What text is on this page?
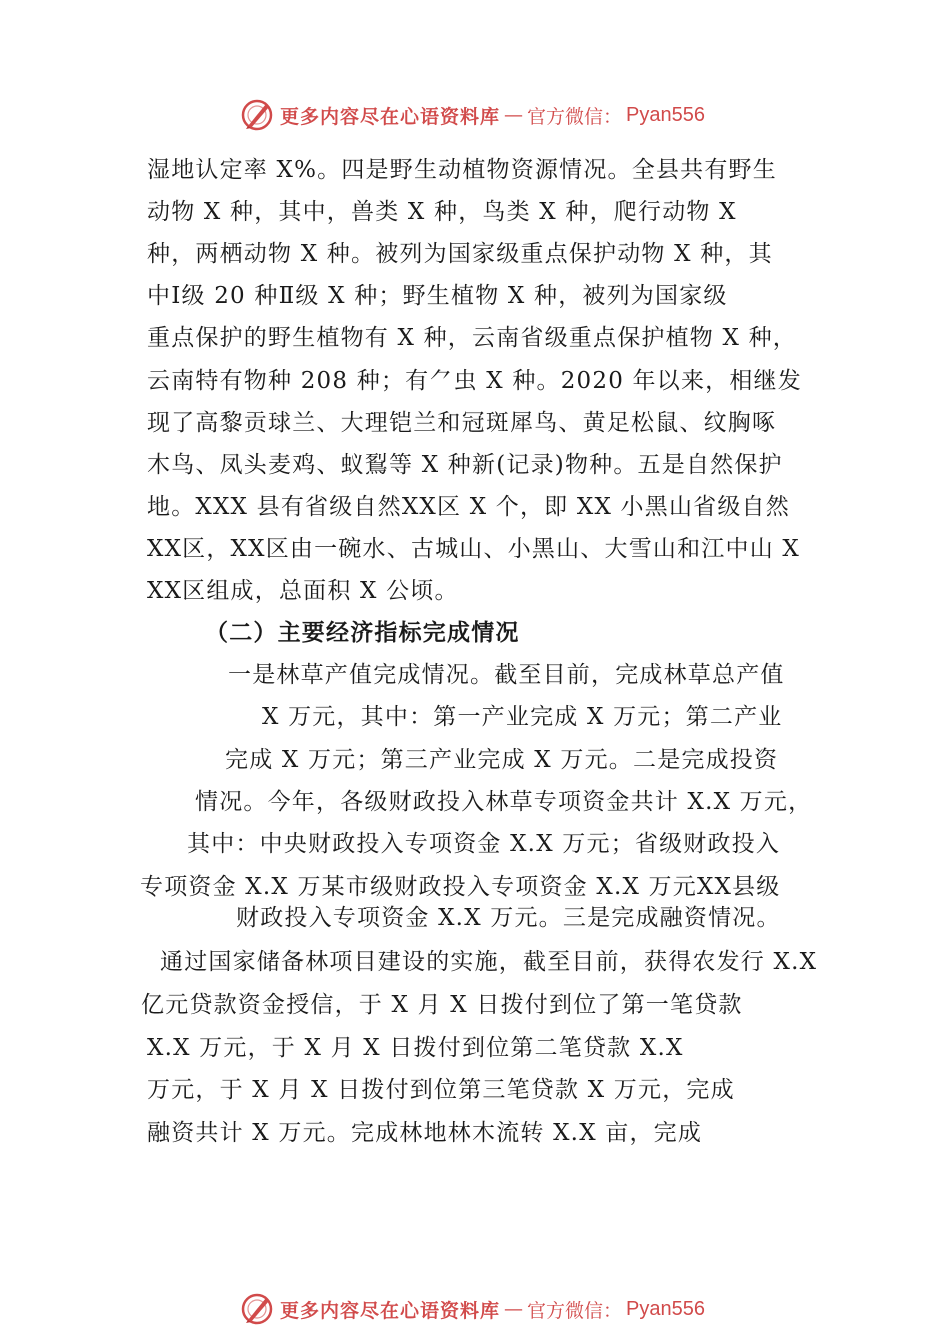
更多内容尽在心语资料库 — 官方微信： Pyan556
湿地认定率 X%。四是野生动植物资源情况。全县共有野生
动物 X 种，其中，兽类 X 种，鸟类 X 种，爬行动物 X
种，两栖动物 X 种。被列为国家级重点保护动物 X 种，其
中Ⅰ级 20 种Ⅱ级 X 种；野生植物 X 种，被列为国家级
重点保护的野生植物有 X 种，云南省级重点保护植物 X 种，
云南特有物种 208 种；有⺈虫 X 种。2020 年以来，相继发
现了高黎贡球兰、大理铠兰和冠斑犀鸟、黄足松鼠、纹胸啄
木鸟、凤头麦鸡、蚁鴷等 X 种新(记录)物种。五是自然保护
地。XXX 县有省级自然ⅩⅩ区 X 个，即 XX 小黑山省级自然
ⅩⅩ区，ⅩⅩ区由一碗水、古城山、小黑山、大雪山和江中山 X
ⅩⅩ区组成，总面积 X 公顷。
（二）主要经济指标完成情况
一是林草产值完成情况。截至目前，完成林草总产值
X 万元，其中：第一产业完成 X 万元；第二产业
完成 X 万元；第三产业完成 X 万元。二是完成投资
情况。今年，各级财政投入林草专项资金共计 X.X 万元，
其中：中央财政投入专项资金 X.X 万元；省级财政投入
专项资金 X.X 万某市级财政投入专项资金 X.X 万元ⅩⅩ县级
财政投入专项资金 X.X 万元。三是完成融资情况。
通过国家储备林项目建设的实施，截至目前，获得农发行 X.X
亿元贷款资金授信，于 X 月 X 日拨付到位了第一笔贷款
X.X 万元，于 X 月 X 日拨付到位第二笔贷款 X.X
万元，于 X 月 X 日拨付到位第三笔贷款 X 万元，完成
融资共计 X 万元。完成林地林木流转 X.X 亩，完成
更多内容尽在心语资料库 — 官方微信： Pyan556
